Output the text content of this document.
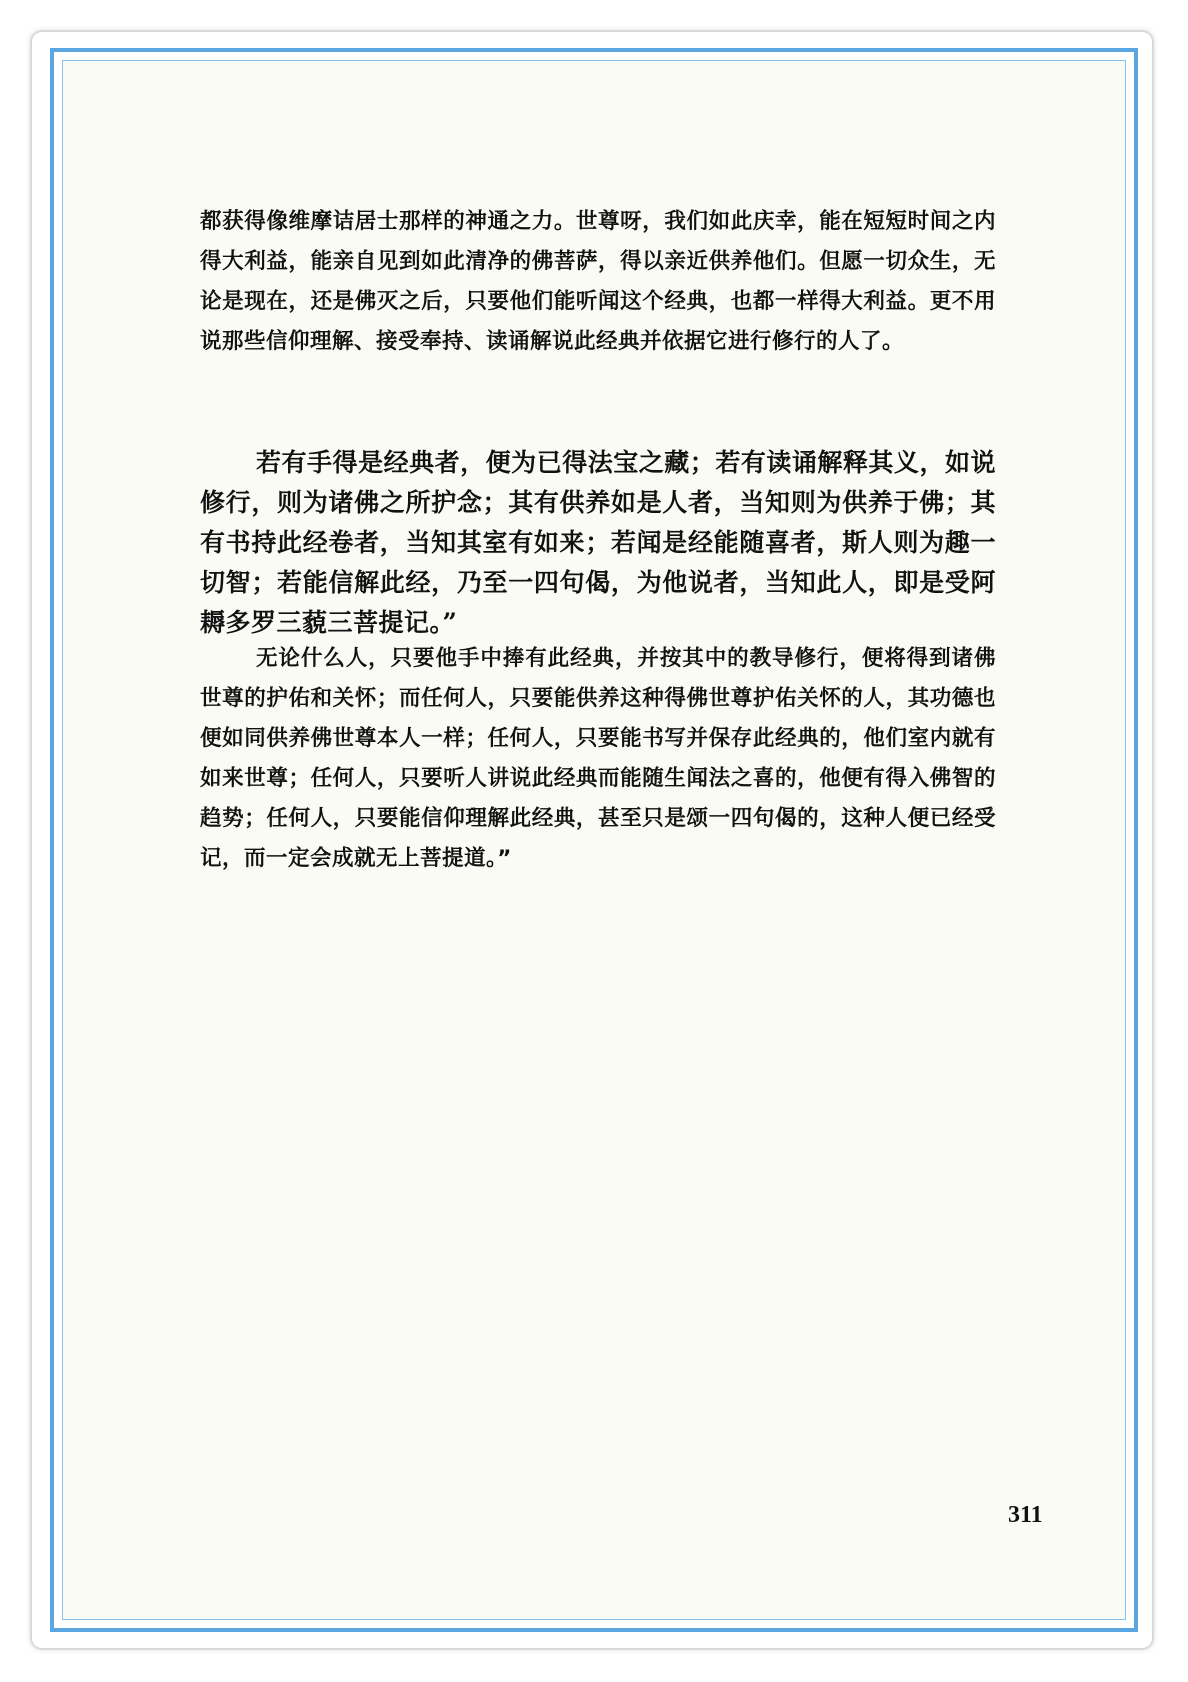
都获得像维摩诘居士那样的神通之力。世尊呀，我们如此庆幸，能在短短时间之内得大利益，能亲自见到如此清净的佛菩萨，得以亲近供养他们。但愿一切众生，无论是现在，还是佛灭之后，只要他们能听闻这个经典，也都一样得大利益。更不用说那些信仰理解、接受奉持、读诵解说此经典并依据它进行修行的人了。
若有手得是经典者，便为已得法宝之藏；若有读诵解释其义，如说修行，则为诸佛之所护念；其有供养如是人者，当知则为供养于佛；其有书持此经卷者，当知其室有如来；若闻是经能随喜者，斯人则为趣一切智；若能信解此经，乃至一四句偈，为他说者，当知此人，即是受阿耨多罗三藐三菩提记。”
无论什么人，只要他手中捧有此经典，并按其中的教导修行，便将得到诸佛世尊的护佑和关怀；而任何人，只要能供养这种得佛世尊护佑关怀的人，其功德也便如同供养佛世尊本人一样；任何人，只要能书写并保存此经典的，他们室内就有如来世尊；任何人，只要听人讲说此经典而能随生闻法之喜的，他便有得入佛智的趋势；任何人，只要能信仰理解此经典，甚至只是颂一四句偈的，这种人便已经受记，而一定会成就无上菩提道。”
311
